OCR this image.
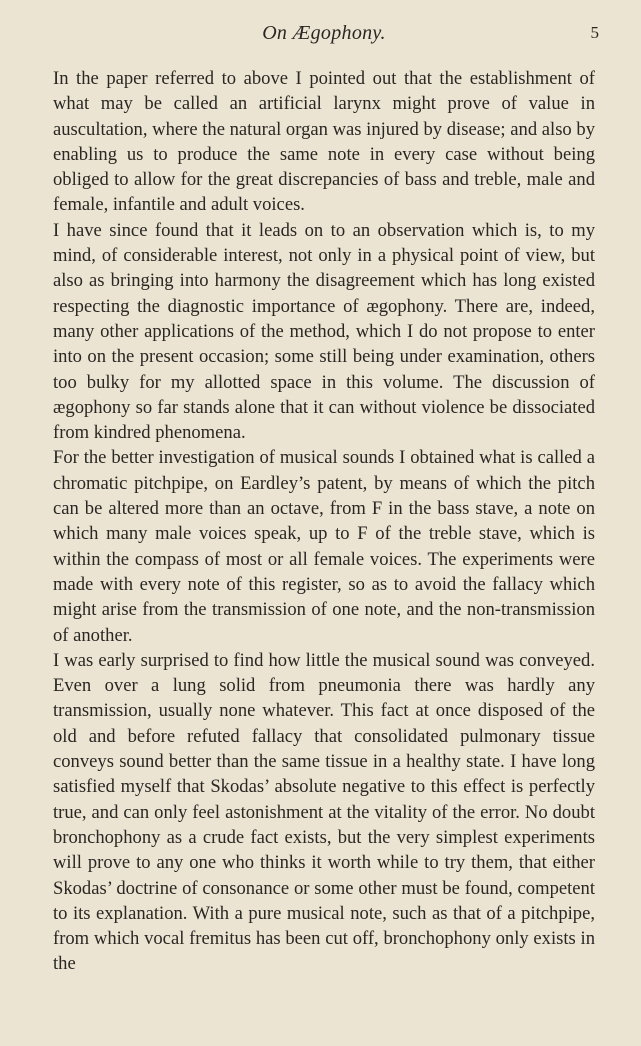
On Ægophony.	5

In the paper referred to above I pointed out that the establishment of what may be called an artificial larynx might prove of value in auscultation, where the natural organ was injured by disease; and also by enabling us to produce the same note in every case without being obliged to allow for the great discrepancies of bass and treble, male and female, infantile and adult voices.

I have since found that it leads on to an observation which is, to my mind, of considerable interest, not only in a physical point of view, but also as bringing into harmony the disagreement which has long existed respecting the diagnostic importance of ægophony. There are, indeed, many other applications of the method, which I do not propose to enter into on the present occasion; some still being under examination, others too bulky for my allotted space in this volume. The discussion of ægophony so far stands alone that it can without violence be dissociated from kindred phenomena.

For the better investigation of musical sounds I obtained what is called a chromatic pitchpipe, on Eardley’s patent, by means of which the pitch can be altered more than an octave, from F in the bass stave, a note on which many male voices speak, up to F of the treble stave, which is within the compass of most or all female voices. The experiments were made with every note of this register, so as to avoid the fallacy which might arise from the transmission of one note, and the non-transmission of another.

I was early surprised to find how little the musical sound was conveyed. Even over a lung solid from pneumonia there was hardly any transmission, usually none whatever. This fact at once disposed of the old and before refuted fallacy that consolidated pulmonary tissue conveys sound better than the same tissue in a healthy state. I have long satisfied myself that Skodas’ absolute negative to this effect is perfectly true, and can only feel astonishment at the vitality of the error. No doubt bronchophony as a crude fact exists, but the very simplest experiments will prove to any one who thinks it worth while to try them, that either Skodas’ doctrine of consonance or some other must be found, competent to its explanation. With a pure musical note, such as that of a pitchpipe, from which vocal fremitus has been cut off, bronchophony only exists in the
